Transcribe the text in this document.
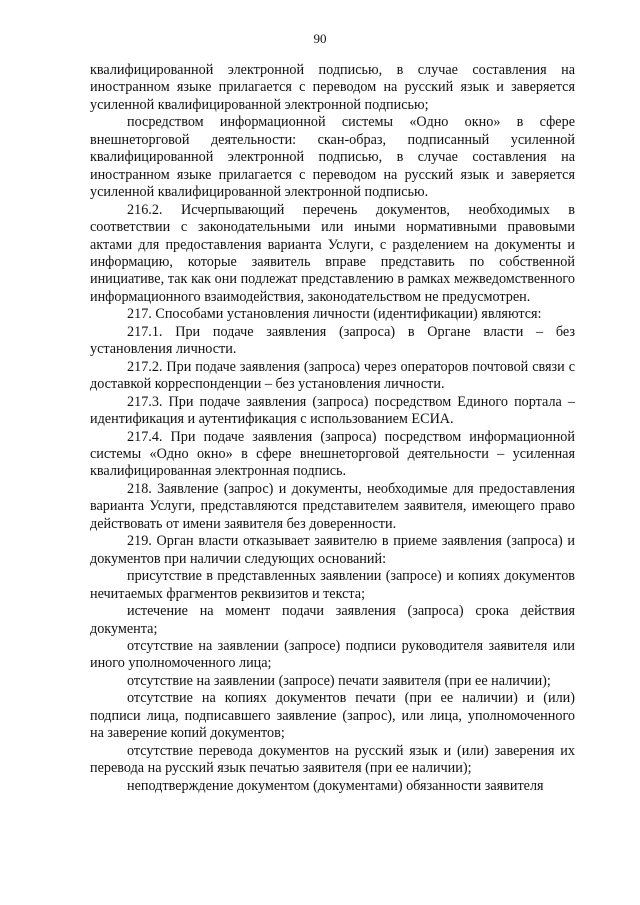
90

квалифицированной электронной подписью, в случае составления на иностранном языке прилагается с переводом на русский язык и заверяется усиленной квалифицированной электронной подписью;

посредством информационной системы «Одно окно» в сфере внешнеторговой деятельности: скан-образ, подписанный усиленной квалифицированной электронной подписью, в случае составления на иностранном языке прилагается с переводом на русский язык и заверяется усиленной квалифицированной электронной подписью.

216.2. Исчерпывающий перечень документов, необходимых в соответствии с законодательными или иными нормативными правовыми актами для предоставления варианта Услуги, с разделением на документы и информацию, которые заявитель вправе представить по собственной инициативе, так как они подлежат представлению в рамках межведомственного информационного взаимодействия, законодательством не предусмотрен.

217. Способами установления личности (идентификации) являются:

217.1. При подаче заявления (запроса) в Органе власти – без установления личности.

217.2. При подаче заявления (запроса) через операторов почтовой связи с доставкой корреспонденции – без установления личности.

217.3. При подаче заявления (запроса) посредством Единого портала – идентификация и аутентификация с использованием ЕСИА.

217.4. При подаче заявления (запроса) посредством информационной системы «Одно окно» в сфере внешнеторговой деятельности – усиленная квалифицированная электронная подпись.

218. Заявление (запрос) и документы, необходимые для предоставления варианта Услуги, представляются представителем заявителя, имеющего право действовать от имени заявителя без доверенности.

219. Орган власти отказывает заявителю в приеме заявления (запроса) и документов при наличии следующих оснований:

присутствие в представленных заявлении (запросе) и копиях документов нечитаемых фрагментов реквизитов и текста;

истечение на момент подачи заявления (запроса) срока действия документа;

отсутствие на заявлении (запросе) подписи руководителя заявителя или иного уполномоченного лица;

отсутствие на заявлении (запросе) печати заявителя (при ее наличии);

отсутствие на копиях документов печати (при ее наличии) и (или) подписи лица, подписавшего заявление (запрос), или лица, уполномоченного на заверение копий документов;

отсутствие перевода документов на русский язык и (или) заверения их перевода на русский язык печатью заявителя (при ее наличии);

неподтверждение документом (документами) обязанности заявителя
